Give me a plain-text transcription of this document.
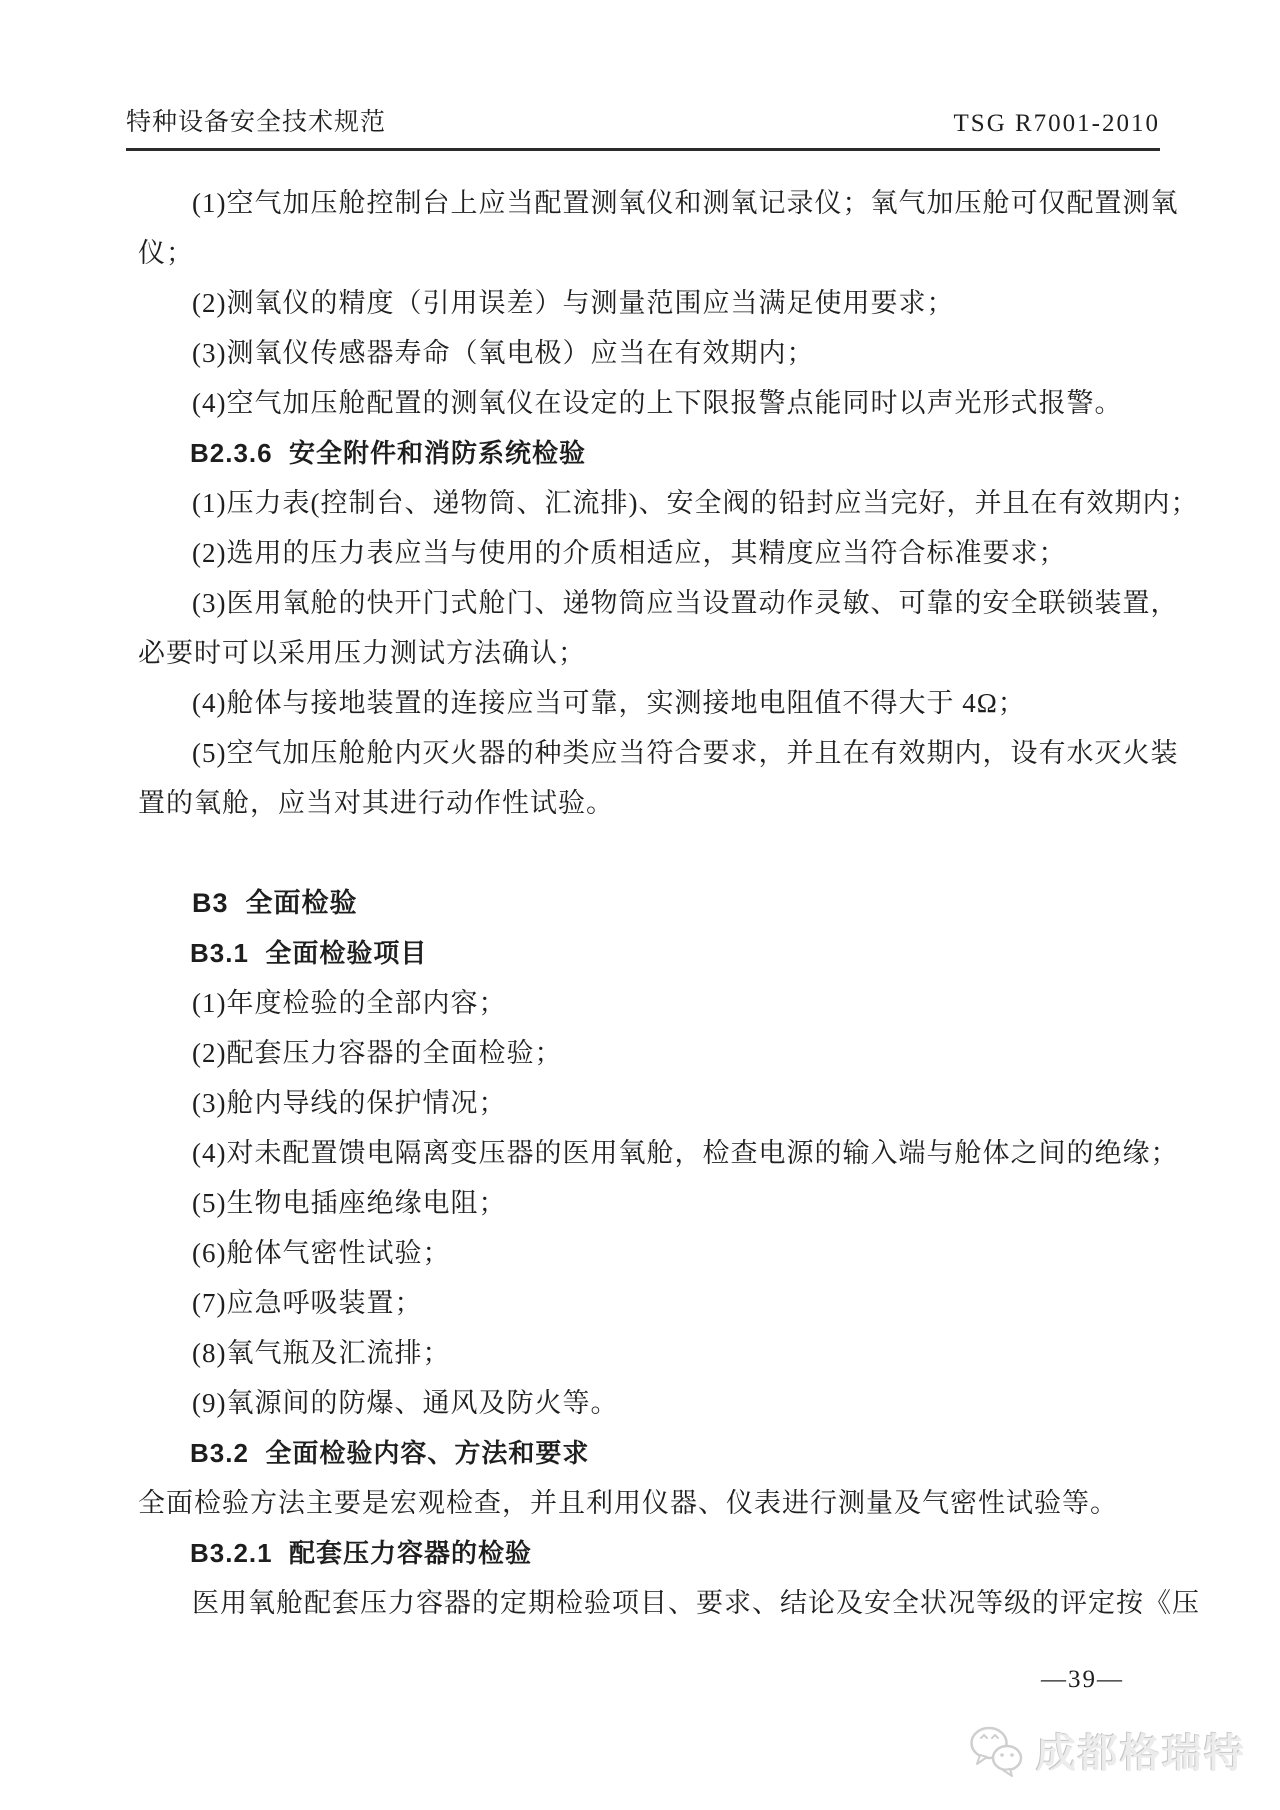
特种设备安全技术规范	TSG R7001-2010
(1)空气加压舱控制台上应当配置测氧仪和测氧记录仪；氧气加压舱可仅配置测氧
仪；
(2)测氧仪的精度（引用误差）与测量范围应当满足使用要求；
(3)测氧仪传感器寿命（氧电极）应当在有效期内；
(4)空气加压舱配置的测氧仪在设定的上下限报警点能同时以声光形式报警。
B2.3.6  安全附件和消防系统检验
(1)压力表(控制台、递物筒、汇流排)、安全阀的铅封应当完好，并且在有效期内；
(2)选用的压力表应当与使用的介质相适应，其精度应当符合标准要求；
(3)医用氧舱的快开门式舱门、递物筒应当设置动作灵敏、可靠的安全联锁装置，
必要时可以采用压力测试方法确认；
(4)舱体与接地装置的连接应当可靠，实测接地电阻值不得大于 4Ω；
(5)空气加压舱舱内灭火器的种类应当符合要求，并且在有效期内，设有水灭火装
置的氧舱，应当对其进行动作性试验。
B3  全面检验
B3.1  全面检验项目
(1)年度检验的全部内容；
(2)配套压力容器的全面检验；
(3)舱内导线的保护情况；
(4)对未配置馈电隔离变压器的医用氧舱，检查电源的输入端与舱体之间的绝缘；
(5)生物电插座绝缘电阻；
(6)舱体气密性试验；
(7)应急呼吸装置；
(8)氧气瓶及汇流排；
(9)氧源间的防爆、通风及防火等。
B3.2  全面检验内容、方法和要求
全面检验方法主要是宏观检查，并且利用仪器、仪表进行测量及气密性试验等。
B3.2.1  配套压力容器的检验
医用氧舱配套压力容器的定期检验项目、要求、结论及安全状况等级的评定按《压
—39—
成都格瑞特
